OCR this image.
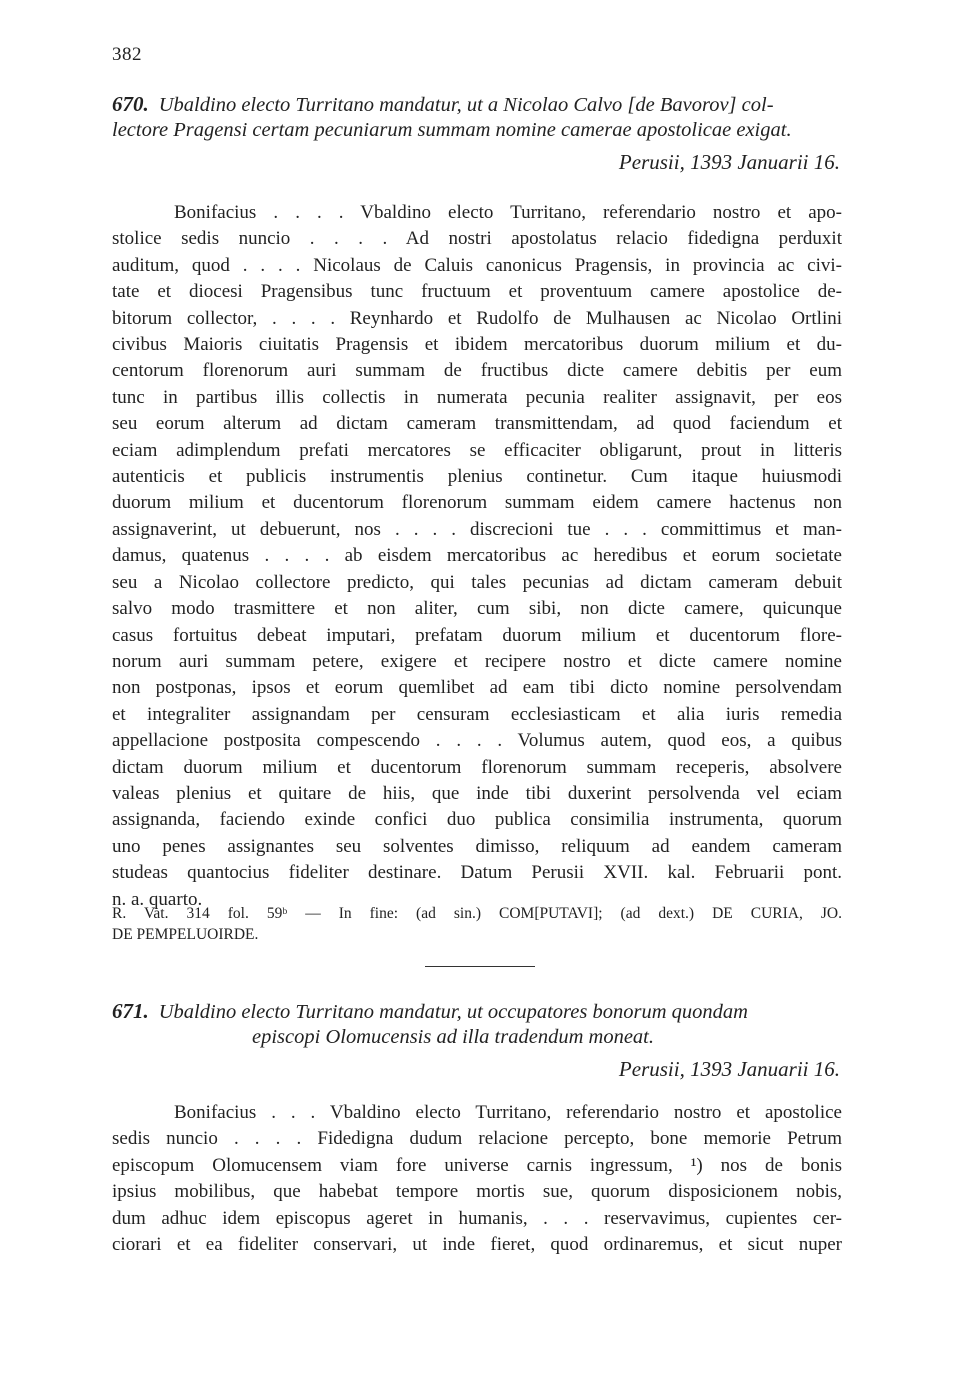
382
670. Ubaldino electo Turritano mandatur, ut a Nicolao Calvo [de Bavorov] col-
lectore Pragensi certam pecuniarum summam nomine camerae apostolicae exigat.
Perusii, 1393 Januarii 16.
Bonifacius . . . . Vbaldino electo Turritano, referendario nostro et apo-
stolice sedis nuncio . . . . Ad nostri apostolatus relacio fidedigna perduxit
auditum, quod . . . . Nicolaus de Caluis canonicus Pragensis, in provincia ac civi-
tate et diocesi Pragensibus tunc fructuum et proventuum camere apostolice de-
bitorum collector, . . . . Reynhardo et Rudolfo de Mulhausen ac Nicolao Ortlini
civibus Maioris ciuitatis Pragensis et ibidem mercatoribus duorum milium et du-
centorum florenorum auri summam de fructibus dicte camere debitis per eum
tunc in partibus illis collectis in numerata pecunia realiter assignavit, per eos
seu eorum alterum ad dictam cameram transmittendam, ad quod faciendum et
eciam adimplendum prefati mercatores se efficaciter obligarunt, prout in litteris
autenticis et publicis instrumentis plenius continetur. Cum itaque huiusmodi
duorum milium et ducentorum florenorum summam eidem camere hactenus non
assignaverint, ut debuerunt, nos . . . . discrecioni tue . . . committimus et man-
damus, quatenus . . . . ab eisdem mercatoribus ac heredibus et eorum societate
seu a Nicolao collectore predicto, qui tales pecunias ad dictam cameram debuit
salvo modo trasmittere et non aliter, cum sibi, non dicte camere, quicunque
casus fortuitus debeat imputari, prefatam duorum milium et ducentorum flore-
norum auri summam petere, exigere et recipere nostro et dicte camere nomine
non postponas, ipsos et eorum quemlibet ad eam tibi dicto nomine persolvendam
et integraliter assignandam per censuram ecclesiasticam et alia iuris remedia
appellacione postposita compescendo . . . . Volumus autem, quod eos, a quibus
dictam duorum milium et ducentorum florenorum summam receperis, absolvere
valeas plenius et quitare de hiis, que inde tibi duxerint persolvenda vel eciam
assignanda, faciendo exinde confici duo publica consimilia instrumenta, quorum
uno penes assignantes seu solventes dimisso, reliquum ad eandem cameram
studeas quantocius fideliter destinare. Datum Perusii XVII. kal. Februarii pont.
n. a. quarto.
R. Vat. 314 fol. 59ᵇ — In fine: (ad sin.) COM[PUTAVI]; (ad dext.) DE CURIA, JO.
DE PEMPELUOIRDE.
671. Ubaldino electo Turritano mandatur, ut occupatores bonorum quondam
episcopi Olomucensis ad illa tradendum moneat.
Perusii, 1393 Januarii 16.
Bonifacius . . . Vbaldino electo Turritano, referendario nostro et apostolice
sedis nuncio . . . . Fidedigna dudum relacione percepto, bone memorie Petrum
episcopum Olomucensem viam fore universe carnis ingressum, ¹) nos de bonis
ipsius mobilibus, que habebat tempore mortis sue, quorum disposicionem nobis,
dum adhuc idem episcopus ageret in humanis, . . . reservavimus, cupientes cer-
ciorari et ea fideliter conservari, ut inde fieret, quod ordinaremus, et sicut nuper
